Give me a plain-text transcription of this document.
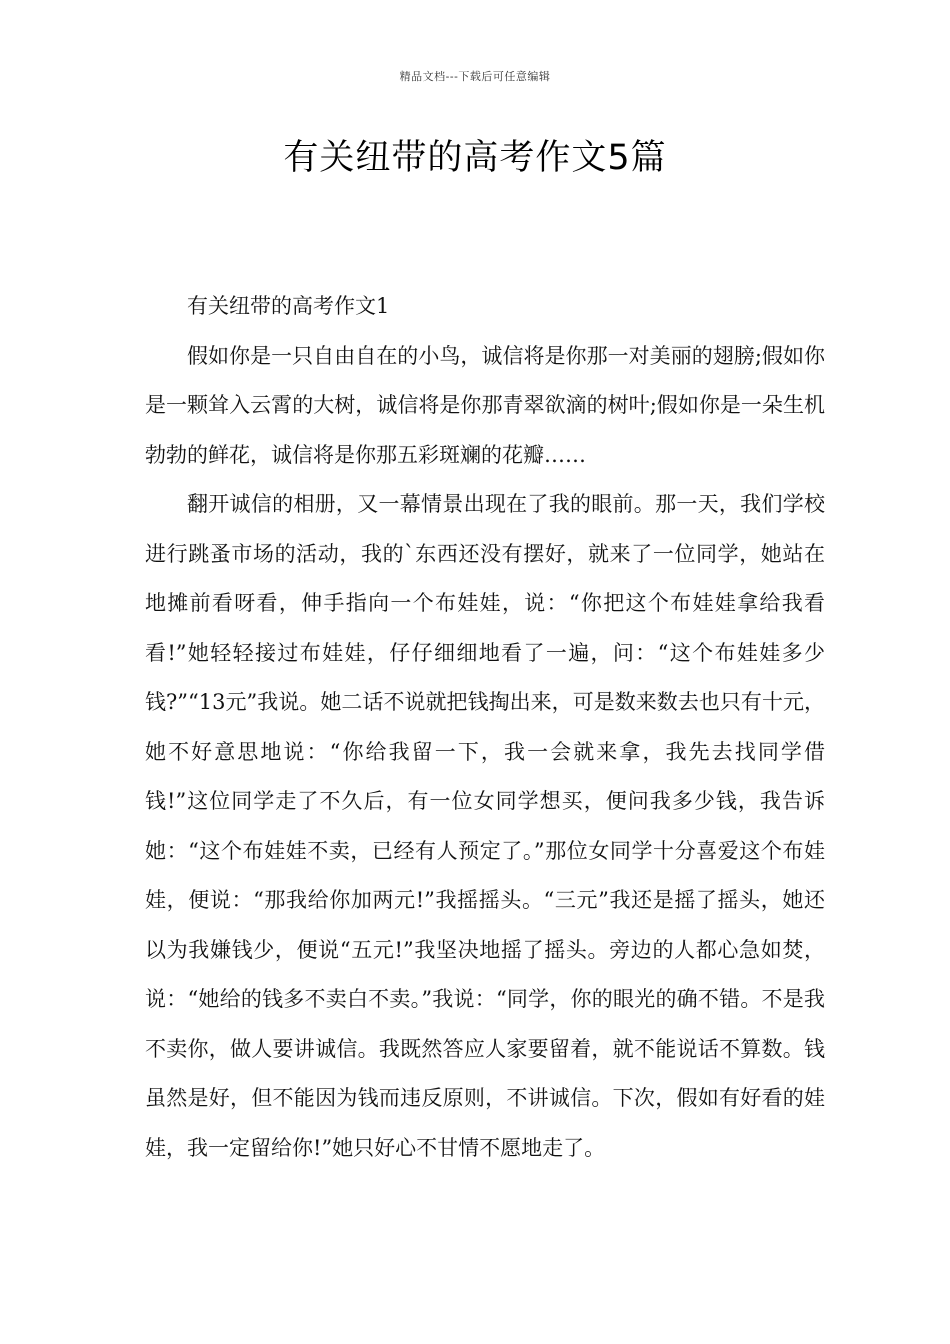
精品文档---下载后可任意编辑
有关纽带的高考作文5篇

有关纽带的高考作文1

假如你是一只自由自在的小鸟，诚信将是你那一对美丽的翅膀;假如你是一颗耸入云霄的大树，诚信将是你那青翠欲滴的树叶;假如你是一朵生机勃勃的鲜花，诚信将是你那五彩斑斓的花瓣……

翻开诚信的相册，又一幕情景出现在了我的眼前。那一天，我们学校进行跳蚤市场的活动，我的`东西还没有摆好，就来了一位同学，她站在地摊前看呀看，伸手指向一个布娃娃，说：“你把这个布娃娃拿给我看看!”她轻轻接过布娃娃，仔仔细细地看了一遍，问：“这个布娃娃多少钱?”“13元”我说。她二话不说就把钱掏出来，可是数来数去也只有十元，她不好意思地说：“你给我留一下，我一会就来拿，我先去找同学借钱!”这位同学走了不久后，有一位女同学想买，便问我多少钱，我告诉她：“这个布娃娃不卖，已经有人预定了。”那位女同学十分喜爱这个布娃娃，便说：“那我给你加两元!”我摇摇头。“三元”我还是摇了摇头，她还以为我嫌钱少，便说“五元!”我坚决地摇了摇头。旁边的人都心急如焚，说：“她给的钱多不卖白不卖。”我说：“同学，你的眼光的确不错。不是我不卖你，做人要讲诚信。我既然答应人家要留着，就不能说话不算数。钱虽然是好，但不能因为钱而违反原则，不讲诚信。下次，假如有好看的娃娃，我一定留给你!”她只好心不甘情不愿地走了。
